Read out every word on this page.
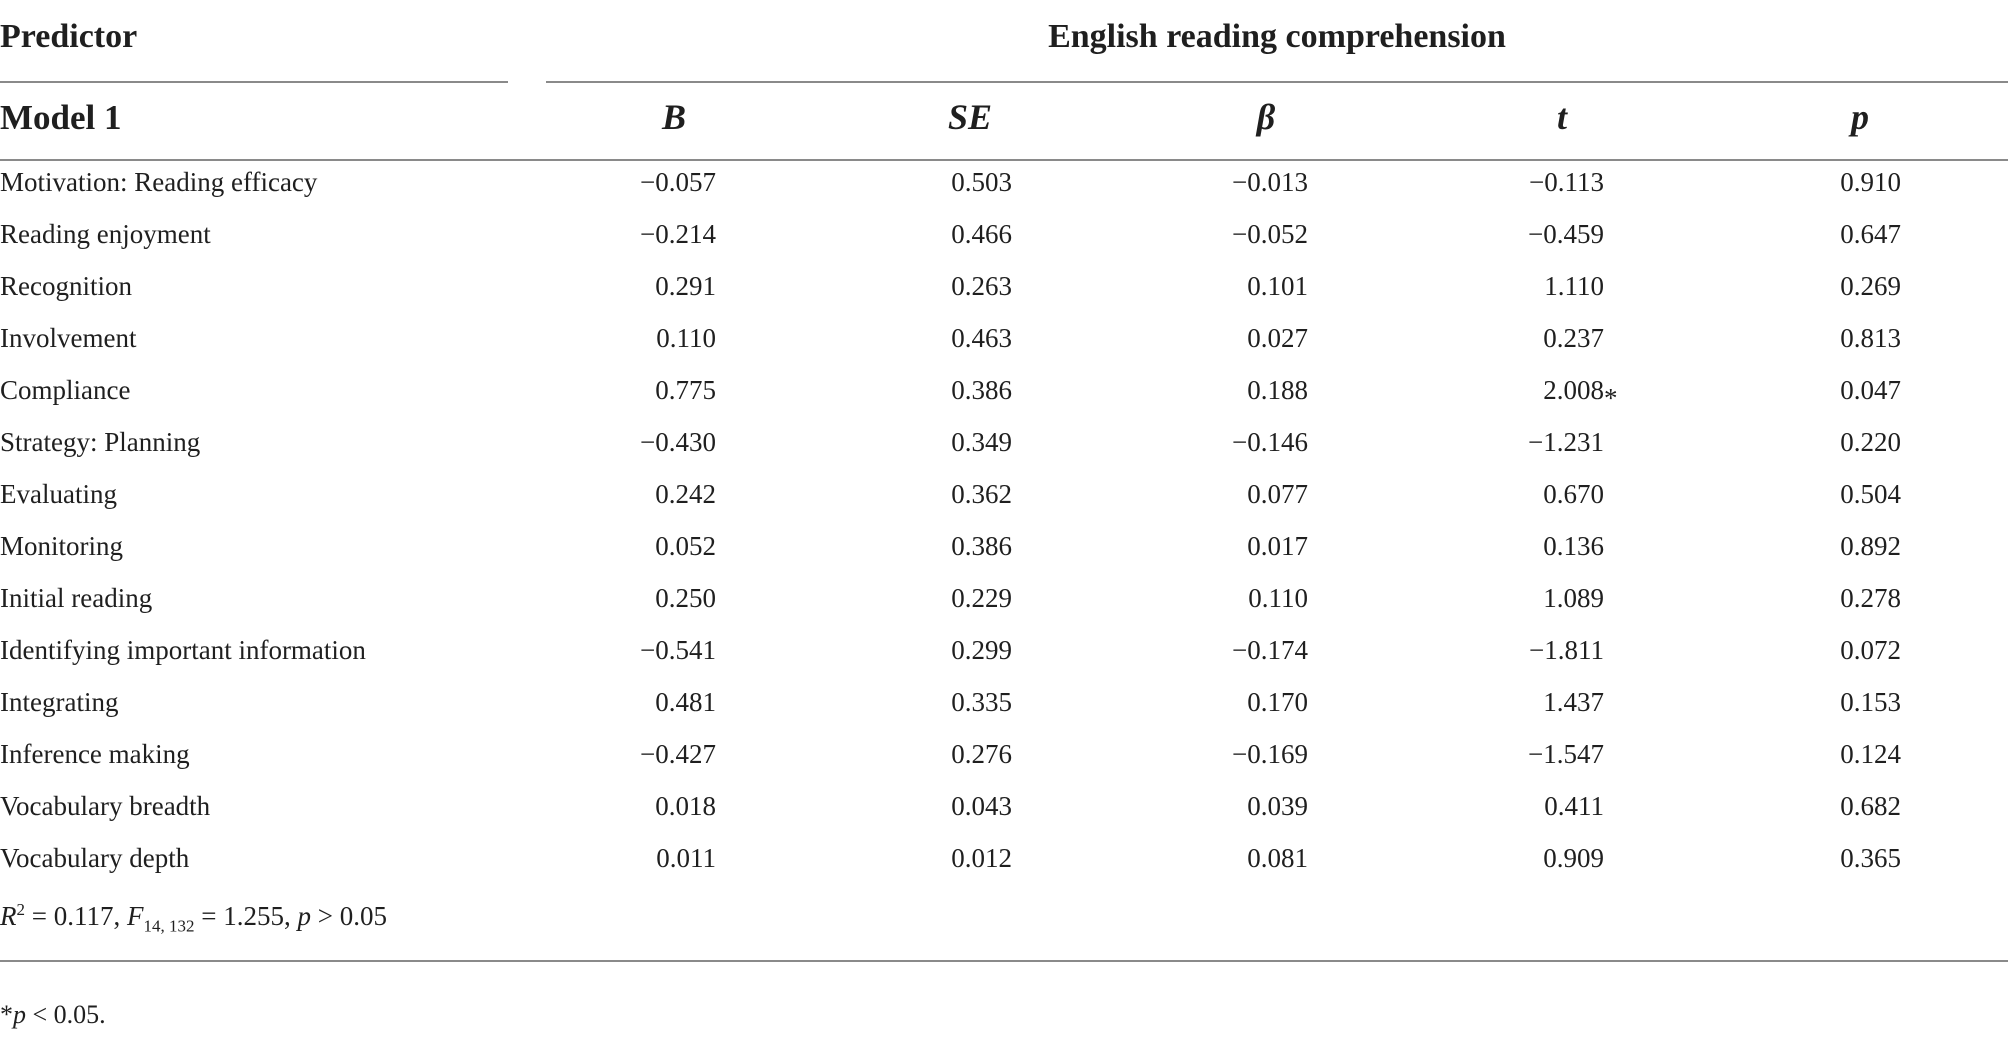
Predictor	English reading comprehension
Model 1	B	SE	β	t	p
Motivation: Reading efficacy	−0.057	0.503	−0.013	−0.113	0.910
Reading enjoyment	−0.214	0.466	−0.052	−0.459	0.647
Recognition	0.291	0.263	0.101	1.110	0.269
Involvement	0.110	0.463	0.027	0.237	0.813
Compliance	0.775	0.386	0.188	2.008 *	0.047
Strategy: Planning	−0.430	0.349	−0.146	−1.231	0.220
Evaluating	0.242	0.362	0.077	0.670	0.504
Monitoring	0.052	0.386	0.017	0.136	0.892
Initial reading	0.250	0.229	0.110	1.089	0.278
Identifying important information	−0.541	0.299	−0.174	−1.811	0.072
Integrating	0.481	0.335	0.170	1.437	0.153
Inference making	−0.427	0.276	−0.169	−1.547	0.124
Vocabulary breadth	0.018	0.043	0.039	0.411	0.682
Vocabulary depth	0.011	0.012	0.081	0.909	0.365
$R^2 = 0.117$, $F_{14, 132} = 1.255$, p > 0.05
*p < 0.05.
